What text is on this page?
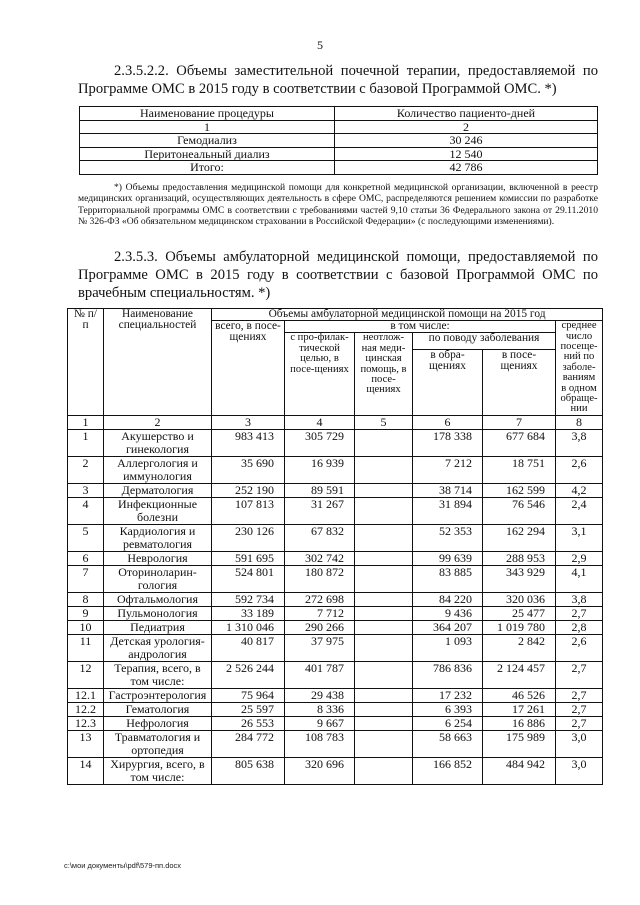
5
2.3.5.2.2. Объемы заместительной почечной терапии, предоставляемой по Программе ОМС в 2015 году в соответствии с базовой Программой ОМС. *)
Наименование процедуры	Количество пациенто-дней
1	2
Гемодиализ	30 246
Перитонеальный диализ	12 540
Итого:	42 786
*) Объемы предоставления медицинской помощи для конкретной медицинской организации, включенной в реестр медицинских организаций, осуществляющих деятельность в сфере ОМС, распределяются решением комиссии по разработке Территориальной программы ОМС в соответствии с требованиями частей 9,10 статьи 36 Федерального закона от 29.11.2010 № 326-ФЗ «Об обязательном медицинском страховании в Российской Федерации» (с последующими изменениями).
2.3.5.3. Объемы амбулаторной медицинской помощи, предоставляемой по Программе ОМС в 2015 году в соответствии с базовой Программой ОМС по врачебным специальностям. *)
№ п/п	Наименование специальностей	Объемы амбулаторной медицинской помощи на 2015 год					
		всего, в посе-щениях	в том числе:				среднее число посеще-ний по заболе-ваниям в одном обраще-нии
			с про-филак-тической целью, в посе-щениях	неотлож-ная меди-цинская помощь, в посе-щениях	по поводу заболевания		
					в обра-щениях	в посе-щениях	
1	2	3	4	5	6	7	8
1	Акушерство и гинекология	983 413	305 729		178 338	677 684	3,8
2	Аллергология и иммунология	35 690	16 939		7 212	18 751	2,6
3	Дерматология	252 190	89 591		38 714	162 599	4,2
4	Инфекционные болезни	107 813	31 267		31 894	76 546	2,4
5	Кардиология и ревматология	230 126	67 832		52 353	162 294	3,1
6	Неврология	591 695	302 742		99 639	288 953	2,9
7	Оториноларин-гология	524 801	180 872		83 885	343 929	4,1
8	Офтальмология	592 734	272 698		84 220	320 036	3,8
9	Пульмонология	33 189	7 712		9 436	25 477	2,7
10	Педиатрия	1 310 046	290 266		364 207	1 019 780	2,8
11	Детская урология-андрология	40 817	37 975		1 093	2 842	2,6
12	Терапия, всего, в том числе:	2 526 244	401 787		786 836	2 124 457	2,7
12.1	Гастроэнтерология	75 964	29 438		17 232	46 526	2,7
12.2	Гематология	25 597	8 336		6 393	17 261	2,7
12.3	Нефрология	26 553	9 667		6 254	16 886	2,7
13	Травматология и ортопедия	284 772	108 783		58 663	175 989	3,0
14	Хирургия, всего, в том числе:	805 638	320 696		166 852	484 942	3,0
c:\мои документы\pdf\579-пп.docx
